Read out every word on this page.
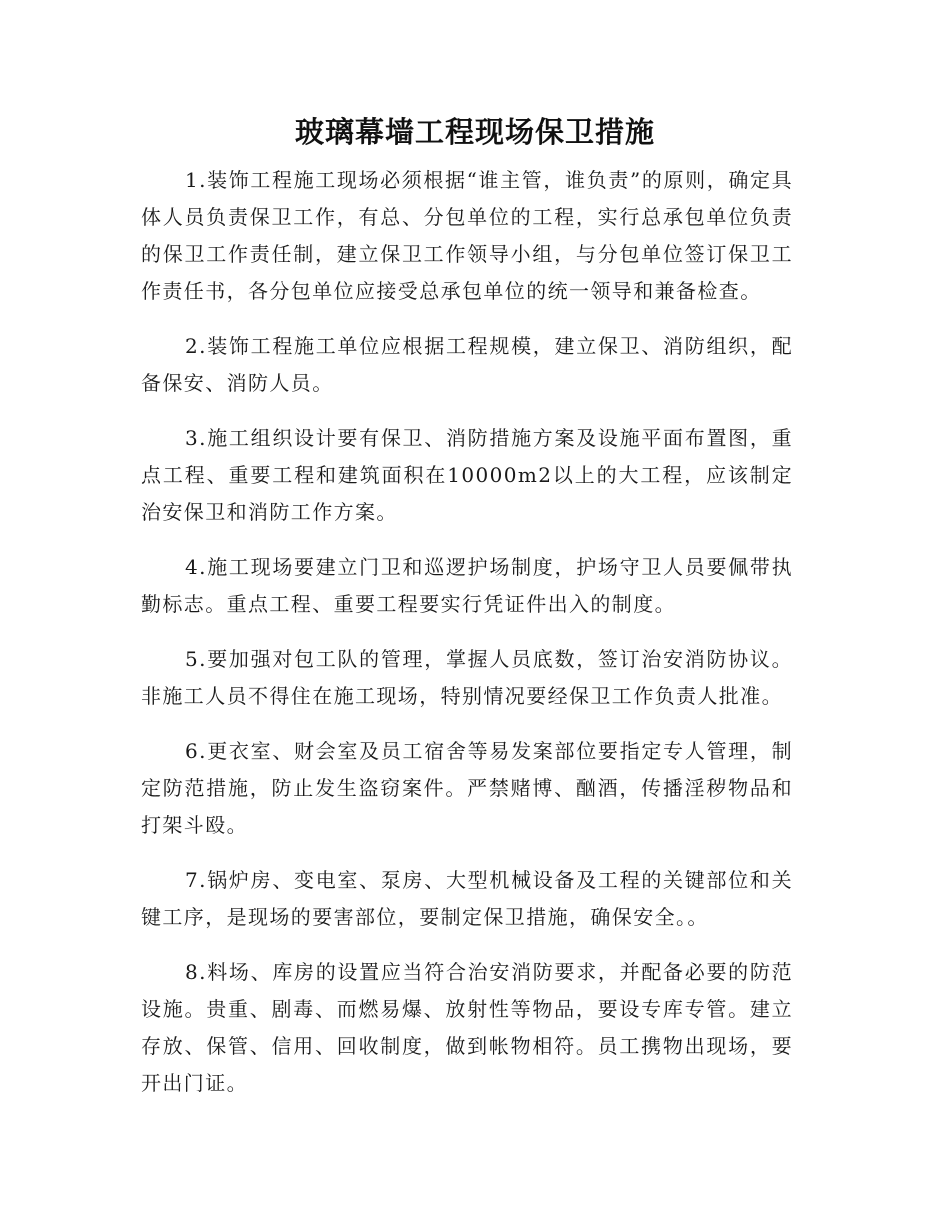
玻璃幕墙工程现场保卫措施

1.装饰工程施工现场必须根据“谁主管，谁负责”的原则，确定具体人员负责保卫工作，有总、分包单位的工程，实行总承包单位负责的保卫工作责任制，建立保卫工作领导小组，与分包单位签订保卫工作责任书，各分包单位应接受总承包单位的统一领导和兼备检查。

2.装饰工程施工单位应根据工程规模，建立保卫、消防组织，配备保安、消防人员。

3.施工组织设计要有保卫、消防措施方案及设施平面布置图，重点工程、重要工程和建筑面积在10000m2以上的大工程，应该制定治安保卫和消防工作方案。

4.施工现场要建立门卫和巡逻护场制度，护场守卫人员要佩带执勤标志。重点工程、重要工程要实行凭证件出入的制度。

5.要加强对包工队的管理，掌握人员底数，签订治安消防协议。非施工人员不得住在施工现场，特别情况要经保卫工作负责人批准。

6.更衣室、财会室及员工宿舍等易发案部位要指定专人管理，制定防范措施，防止发生盗窃案件。严禁赌博、酗酒，传播淫秽物品和打架斗殴。

7.锅炉房、变电室、泵房、大型机械设备及工程的关键部位和关键工序，是现场的要害部位，要制定保卫措施，确保安全。。

8.料场、库房的设置应当符合治安消防要求，并配备必要的防范设施。贵重、剧毒、而燃易爆、放射性等物品，要设专库专管。建立存放、保管、信用、回收制度，做到帐物相符。员工携物出现场，要开出门证。
